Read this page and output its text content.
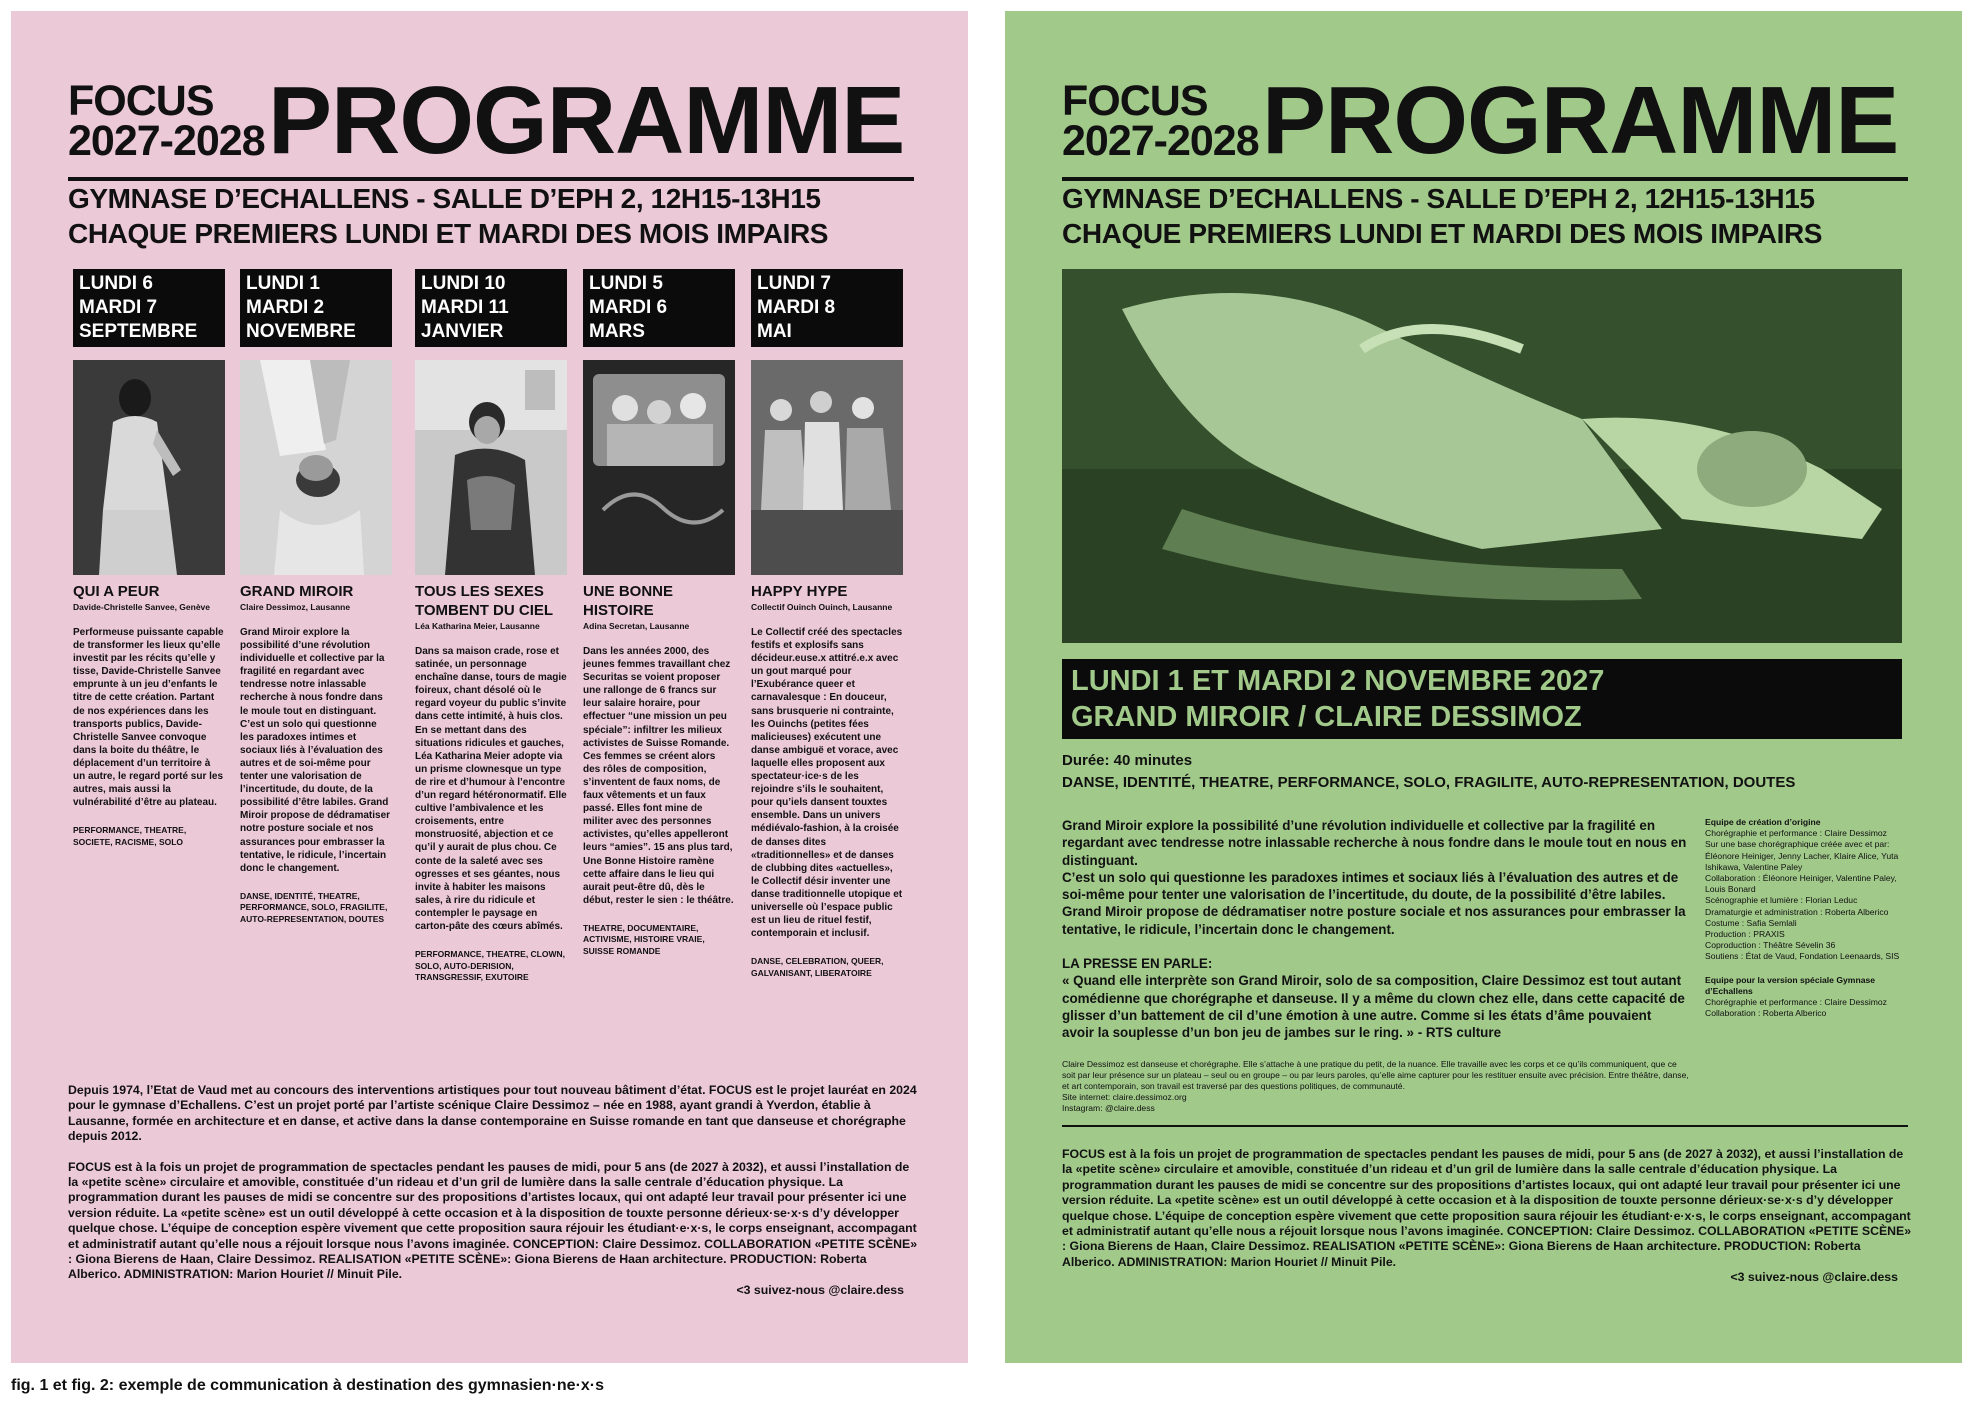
FOCUS
2027-2028 PROGRAMME
GYMNASE D’ECHALLENS - SALLE D’EPH 2, 12H15-13H15
CHAQUE PREMIERS LUNDI ET MARDI DES MOIS IMPAIRS
LUNDI 6
MARDI 7
SEPTEMBRE
QUI A PEUR
Davide-Christelle Sanvee, Genève
Performeuse puissante capable de transformer les lieux qu’elle investit par les récits qu’elle y tisse, Davide-Christelle Sanvee emprunte à un jeu d’enfants le titre de cette création. Partant de nos expériences dans les transports publics, Davide-Christelle Sanvee convoque dans la boite du théâtre, le déplacement d’un territoire à un autre, le regard porté sur les autres, mais aussi la vulnérabilité d’être au plateau.
PERFORMANCE, THEATRE, SOCIETE, RACISME, SOLO
LUNDI 1
MARDI 2
NOVEMBRE
GRAND MIROIR
Claire Dessimoz, Lausanne
Grand Miroir explore la possibilité d’une révolution individuelle et collective par la fragilité en regardant avec tendresse notre inlassable recherche à nous fondre dans le moule tout en distinguant. C’est un solo qui questionne les paradoxes intimes et sociaux liés à l’évaluation des autres et de soi-même pour tenter une valorisation de l’incertitude, du doute, de la possibilité d’être labiles. Grand Miroir propose de dédramatiser notre posture sociale et nos assurances pour embrasser la tentative, le ridicule, l’incertain donc le changement.
DANSE, IDENTITÉ, THEATRE, PERFORMANCE, SOLO, FRAGILITE, AUTO-REPRESENTATION, DOUTES
LUNDI 10
MARDI 11
JANVIER
TOUS LES SEXES TOMBENT DU CIEL
Léa Katharina Meier, Lausanne
Dans sa maison crade, rose et satinée, un personnage enchaîne danse, tours de magie foireux, chant désolé où le regard voyeur du public s’invite dans cette intimité, à huis clos. En se mettant dans des situations ridicules et gauches, Léa Katharina Meier adopte via un prisme clownesque un type de rire et d’humour à l’encontre d’un regard hétéronormatif. Elle cultive l’ambivalence et les croisements, entre monstruosité, abjection et ce qu’il y aurait de plus chou. Ce conte de la saleté avec ses ogresses et ses géantes, nous invite à habiter les maisons sales, à rire du ridicule et contempler le paysage en carton-pâte des cœurs abîmés.
PERFORMANCE, THEATRE, CLOWN, SOLO, AUTO-DERISION, TRANSGRESSIF, EXUTOIRE
LUNDI 5
MARDI 6
MARS
UNE BONNE HISTOIRE
Adina Secretan, Lausanne
Dans les années 2000, des jeunes femmes travaillant chez Securitas se voient proposer une rallonge de 6 francs sur leur salaire horaire, pour effectuer “une mission un peu spéciale”: infiltrer les milieux activistes de Suisse Romande. Ces femmes se créent alors des rôles de composition, s’inventent de faux noms, de faux vêtements et un faux passé. Elles font mine de militer avec des personnes activistes, qu’elles appelleront leurs “amies”. 15 ans plus tard, Une Bonne Histoire ramène cette affaire dans le lieu qui aurait peut-être dû, dès le début, rester le sien : le théâtre.
THEATRE, DOCUMENTAIRE, ACTIVISME, HISTOIRE VRAIE, SUISSE ROMANDE
LUNDI 7
MARDI 8
MAI
HAPPY HYPE
Collectif Ouinch Ouinch, Lausanne
Le Collectif créé des spectacles festifs et explosifs sans décideur.euse.x attitré.e.x avec un gout marqué pour l’Exubérance queer et carnavalesque : En douceur, sans brusquerie ni contrainte, les Ouinchs (petites fées malicieuses) exécutent une danse ambiguë et vorace, avec laquelle elles proposent aux spectateur·ice·s de les rejoindre s’ils le souhaitent, pour qu’iels dansent touxtes ensemble. Dans un univers médiévalo-fashion, à la croisée de danses dites «traditionnelles» et de danses de clubbing dites «actuelles», le Collectif désir inventer une danse traditionnelle utopique et universelle où l’espace public est un lieu de rituel festif, contemporain et inclusif.
DANSE, CELEBRATION, QUEER, GALVANISANT, LIBERATOIRE

Depuis 1974, l’Etat de Vaud met au concours des interventions artistiques pour tout nouveau bâtiment d’état. FOCUS est le projet lauréat en 2024 pour le gymnase d’Echallens. C’est un projet porté par l’artiste scénique Claire Dessimoz – née en 1988, ayant grandi à Yverdon, établie à Lausanne, formée en architecture et en danse, et active dans la danse contemporaine en Suisse romande en tant que danseuse et chorégraphe depuis 2012.

FOCUS est à la fois un projet de programmation de spectacles pendant les pauses de midi, pour 5 ans (de 2027 à 2032), et aussi l’installation de la «petite scène» circulaire et amovible, constituée d’un rideau et d’un gril de lumière dans la salle centrale d’éducation physique. La programmation durant les pauses de midi se concentre sur des propositions d’artistes locaux, qui ont adapté leur travail pour présenter ici une version réduite. La «petite scène» est un outil développé à cette occasion et à la disposition de touxte personne dérieux·se·x·s d’y développer quelque chose. L’équipe de conception espère vivement que cette proposition saura réjouir les étudiant·e·x·s, le corps enseignant, accompagant et administratif autant qu’elle nous a réjouit lorsque nous l’avons imaginée. CONCEPTION: Claire Dessimoz. COLLABORATION «PETITE SCÈNE» : Giona Bierens de Haan, Claire Dessimoz. REALISATION «PETITE SCÈNE»: Giona Bierens de Haan architecture. PRODUCTION: Roberta Alberico. ADMINISTRATION: Marion Houriet // Minuit Pile.
<3 suivez-nous @claire.dess
FOCUS
2027-2028 PROGRAMME
GYMNASE D’ECHALLENS - SALLE D’EPH 2, 12H15-13H15
CHAQUE PREMIERS LUNDI ET MARDI DES MOIS IMPAIRS
LUNDI 1 ET MARDI 2 NOVEMBRE 2027
GRAND MIROIR / CLAIRE DESSIMOZ
Durée: 40 minutes
DANSE, IDENTITÉ, THEATRE, PERFORMANCE, SOLO, FRAGILITE, AUTO-REPRESENTATION, DOUTES
Grand Miroir explore la possibilité d’une révolution individuelle et collective par la fragilité en regardant avec tendresse notre inlassable recherche à nous fondre dans le moule tout en nous en distinguant.
C’est un solo qui questionne les paradoxes intimes et sociaux liés à l’évaluation des autres et de soi-même pour tenter une valorisation de l’incertitude, du doute, de la possibilité d’être labiles. Grand Miroir propose de dédramatiser notre posture sociale et nos assurances pour embrasser la tentative, le ridicule, l’incertain donc le changement.
LA PRESSE EN PARLE:
« Quand elle interprète son Grand Miroir, solo de sa composition, Claire Dessimoz est tout autant comédienne que chorégraphe et danseuse. Il y a même du clown chez elle, dans cette capacité de glisser d’un battement de cil d’une émotion à une autre. Comme si les états d’âme pouvaient avoir la souplesse d’un bon jeu de jambes sur le ring. » - RTS culture
Claire Dessimoz est danseuse et chorégraphe. Elle s’attache à une pratique du petit, de la nuance. Elle travaille avec les corps et ce qu’ils communiquent, que ce soit par leur présence sur un plateau – seul ou en groupe – ou par leurs paroles, qu’elle aime capturer pour les restituer ensuite avec précision. Entre théâtre, danse, et art contemporain, son travail est traversé par des questions politiques, de communauté.
Site internet: claire.dessimoz.org
Instagram: @claire.dess
Equipe de création d’origine
Chorégraphie et performance : Claire Dessimoz
Sur une base chorégraphique créée avec et par: Éléonore Heiniger, Jenny Lacher, Klaire Alice, Yuta Ishikawa, Valentine Paley
Collaboration : Éléonore Heiniger, Valentine Paley, Louis Bonard
Scénographie et lumière : Florian Leduc
Dramaturgie et administration : Roberta Alberico
Costume : Safia Semlali
Production : PRAXIS
Coproduction : Théâtre Sévelin 36
Soutiens : État de Vaud, Fondation Leenaards, SIS
Equipe pour la version spéciale Gymnase d’Echallens
Chorégraphie et performance : Claire Dessimoz
Collaboration : Roberta Alberico
FOCUS est à la fois un projet de programmation de spectacles pendant les pauses de midi, pour 5 ans (de 2027 à 2032), et aussi l’installation de la «petite scène» circulaire et amovible, constituée d’un rideau et d’un gril de lumière dans la salle centrale d’éducation physique. La programmation durant les pauses de midi se concentre sur des propositions d’artistes locaux, qui ont adapté leur travail pour présenter ici une version réduite. La «petite scène» est un outil développé à cette occasion et à la disposition de touxte personne dérieux·se·x·s d’y développer quelque chose. L’équipe de conception espère vivement que cette proposition saura réjouir les étudiant·e·x·s, le corps enseignant, accompagant et administratif autant qu’elle nous a réjouit lorsque nous l’avons imaginée. CONCEPTION: Claire Dessimoz. COLLABORATION «PETITE SCÈNE» : Giona Bierens de Haan, Claire Dessimoz. REALISATION «PETITE SCÈNE»: Giona Bierens de Haan architecture. PRODUCTION: Roberta Alberico. ADMINISTRATION: Marion Houriet // Minuit Pile.
<3 suivez-nous @claire.dess
fig. 1 et fig. 2: exemple de communication à destination des gymnasien·ne·x·s
